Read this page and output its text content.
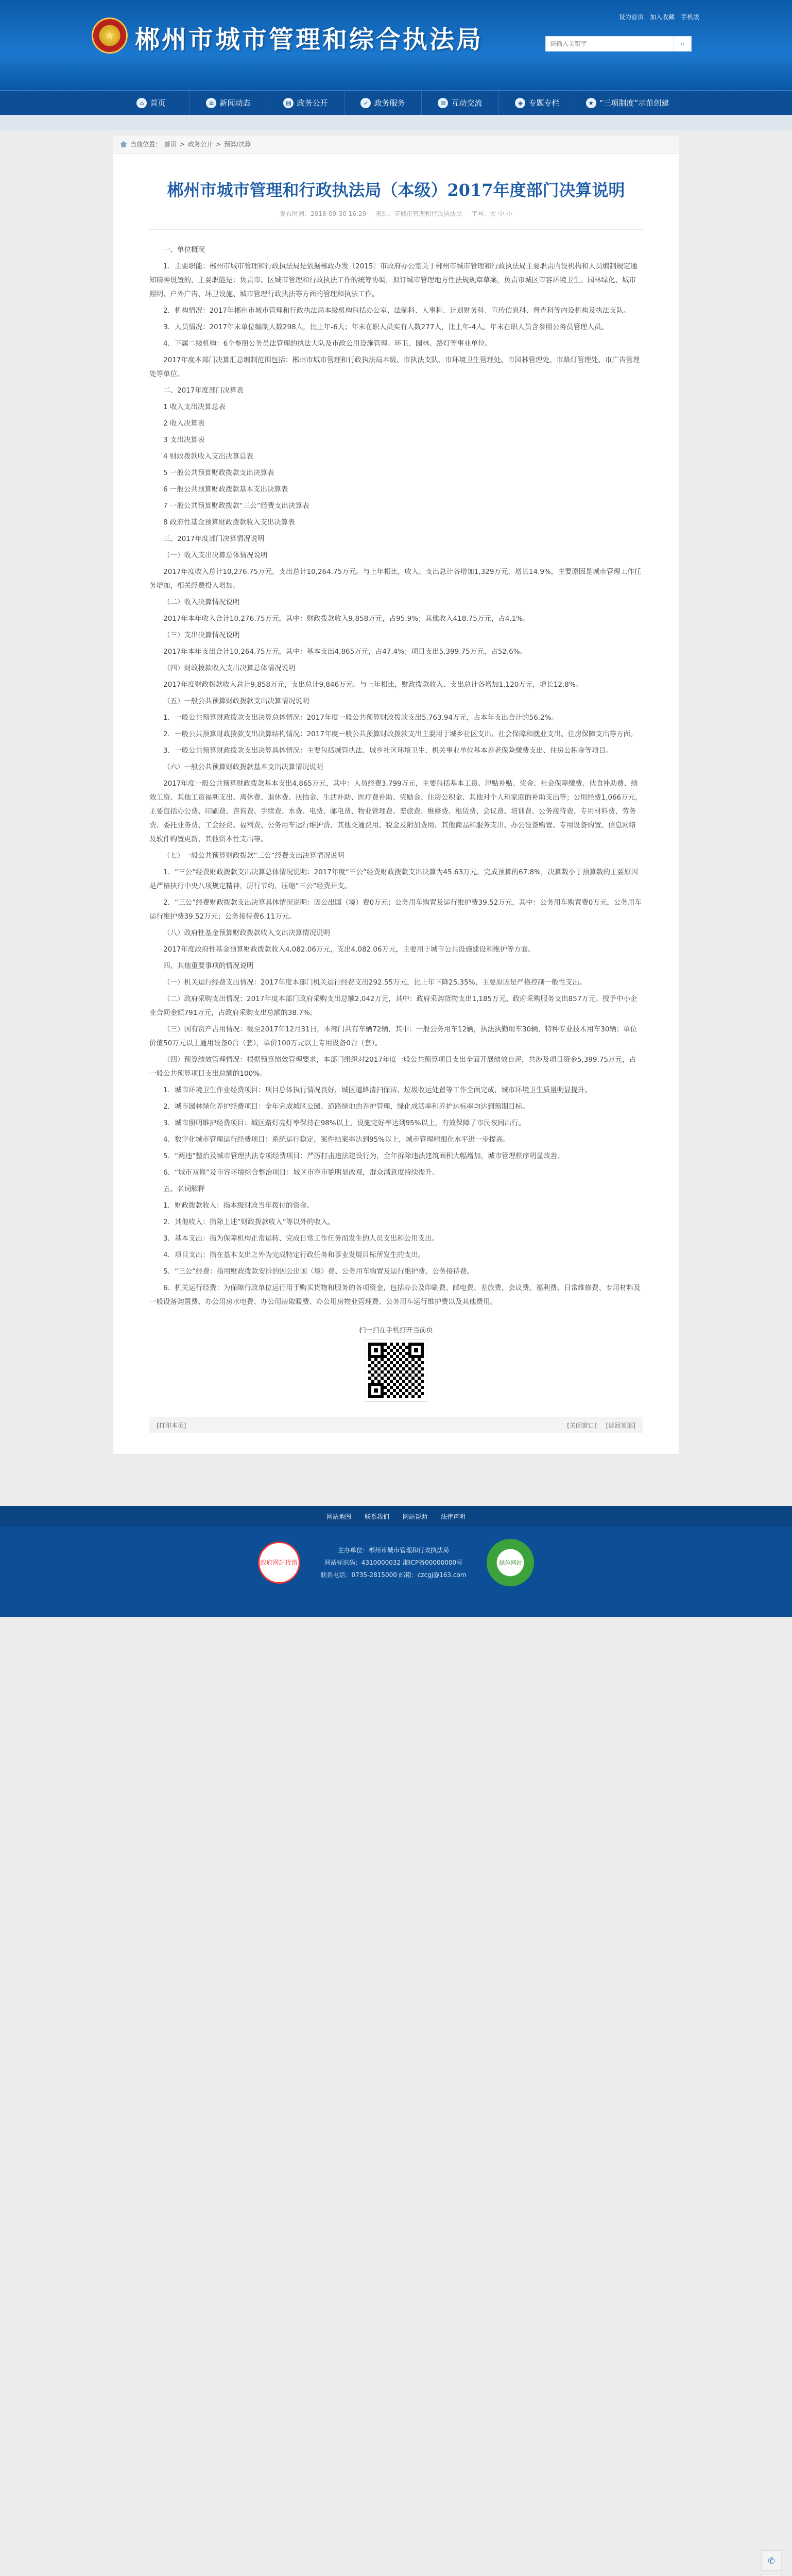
★ 郴州市城市管理和综合执法局
设为首页 加入收藏 手机版
请输入关键字
⌕
⌂ 首页	≡ 新闻动态	▤ 政务公开	✓ 政务服务	✉ 互动交流	◈ 专题专栏	★ “三项制度”示范创建
当前位置： 首页 > 政务公开 > 预算/决算
郴州市城市管理和行政执法局（本级）2017年度部门决算说明
发布时间：2018-09-30 16:29 来源：市城市管理和行政执法局 字号：大 中 小

一、单位概况

1．主要职能：郴州市城市管理和行政执法局是依据郴政办发〔2015〕市政府办公室关于郴州市城市管理和行政执法局主要职责内设机构和人员编制规定通知精神设置的，主要职能是：负责市、区城市管理和行政执法工作的统筹协调，拟订城市管理地方性法规规章草案，负责市城区市容环境卫生、园林绿化、城市照明、户外广告、环卫设施、城市管理行政执法等方面的管理和执法工作。

2．机构情况：2017年郴州市城市管理和行政执法局本级机构包括办公室、法制科、人事科、计划财务科、宣传信息科、督查科等内设机构及执法支队。

3．人员情况：2017年末单位编制人数298人，比上年-6人；年末在职人员实有人数277人，比上年-4人。年末在职人员含参照公务员管理人员。

4．下属二级机构：6个参照公务员法管理的执法大队及市政公用设施管理、环卫、园林、路灯等事业单位。

2017年度本部门决算汇总编制范围包括：郴州市城市管理和行政执法局本级、市执法支队、市环境卫生管理处、市园林管理处、市路灯管理处、市广告管理处等单位。

二、2017年度部门决算表

1 收入支出决算总表

2 收入决算表

3 支出决算表

4 财政拨款收入支出决算总表

5 一般公共预算财政拨款支出决算表

6 一般公共预算财政拨款基本支出决算表

7 一般公共预算财政拨款“三公”经费支出决算表

8 政府性基金预算财政拨款收入支出决算表

三、2017年度部门决算情况说明

（一）收入支出决算总体情况说明

2017年度收入总计10,276.75万元，支出总计10,264.75万元。与上年相比，收入、支出总计各增加1,329万元，增长14.9%，主要原因是城市管理工作任务增加，相关经费投入增加。

（二）收入决算情况说明

2017年本年收入合计10,276.75万元，其中：财政拨款收入9,858万元，占95.9%；其他收入418.75万元，占4.1%。

（三）支出决算情况说明

2017年本年支出合计10,264.75万元，其中：基本支出4,865万元，占47.4%；项目支出5,399.75万元，占52.6%。

（四）财政拨款收入支出决算总体情况说明

2017年度财政拨款收入总计9,858万元，支出总计9,846万元。与上年相比，财政拨款收入、支出总计各增加1,120万元，增长12.8%。

（五）一般公共预算财政拨款支出决算情况说明

1．一般公共预算财政拨款支出决算总体情况：2017年度一般公共预算财政拨款支出5,763.94万元，占本年支出合计的56.2%。

2．一般公共预算财政拨款支出决算结构情况：2017年度一般公共预算财政拨款支出主要用于城乡社区支出、社会保障和就业支出、住房保障支出等方面。

3．一般公共预算财政拨款支出决算具体情况：主要包括城管执法、城乡社区环境卫生、机关事业单位基本养老保险缴费支出、住房公积金等项目。

（六）一般公共预算财政拨款基本支出决算情况说明

2017年度一般公共预算财政拨款基本支出4,865万元，其中：人员经费3,799万元，主要包括基本工资、津贴补贴、奖金、社会保障缴费、伙食补助费、绩效工资、其他工资福利支出、离休费、退休费、抚恤金、生活补助、医疗费补助、奖励金、住房公积金、其他对个人和家庭的补助支出等；公用经费1,066万元，主要包括办公费、印刷费、咨询费、手续费、水费、电费、邮电费、物业管理费、差旅费、维修费、租赁费、会议费、培训费、公务接待费、专用材料费、劳务费、委托业务费、工会经费、福利费、公务用车运行维护费、其他交通费用、税金及附加费用、其他商品和服务支出、办公设备购置、专用设备购置、信息网络及软件购置更新、其他资本性支出等。

（七）一般公共预算财政拨款“三公”经费支出决算情况说明

1．“三公”经费财政拨款支出决算总体情况说明：2017年度“三公”经费财政拨款支出决算为45.63万元，完成预算的67.8%，决算数小于预算数的主要原因是严格执行中央八项规定精神，厉行节约，压缩“三公”经费开支。

2．“三公”经费财政拨款支出决算具体情况说明：因公出国（境）费0万元；公务用车购置及运行维护费39.52万元，其中：公务用车购置费0万元，公务用车运行维护费39.52万元；公务接待费6.11万元。

（八）政府性基金预算财政拨款收入支出决算情况说明

2017年度政府性基金预算财政拨款收入4,082.06万元，支出4,082.06万元，主要用于城市公共设施建设和维护等方面。

四、其他重要事项的情况说明

（一）机关运行经费支出情况：2017年度本部门机关运行经费支出292.55万元，比上年下降25.35%，主要原因是严格控制一般性支出。

（二）政府采购支出情况：2017年度本部门政府采购支出总额2,042万元，其中：政府采购货物支出1,185万元、政府采购服务支出857万元。授予中小企业合同金额791万元，占政府采购支出总额的38.7%。

（三）国有资产占用情况：截至2017年12月31日，本部门共有车辆72辆，其中：一般公务用车12辆，执法执勤用车30辆，特种专业技术用车30辆；单位价值50万元以上通用设备0台（套），单价100万元以上专用设备0台（套）。

（四）预算绩效管理情况：根据预算绩效管理要求，本部门组织对2017年度一般公共预算项目支出全面开展绩效自评，共涉及项目资金5,399.75万元，占一般公共预算项目支出总额的100%。

1．城市环境卫生作业经费项目：项目总体执行情况良好，城区道路清扫保洁、垃圾收运处置等工作全面完成，城市环境卫生质量明显提升。

2．城市园林绿化养护经费项目：全年完成城区公园、道路绿地的养护管理，绿化成活率和养护达标率均达到预期目标。

3．城市照明维护经费项目：城区路灯亮灯率保持在98%以上，设施完好率达到95%以上，有效保障了市民夜间出行。

4．数字化城市管理运行经费项目：系统运行稳定，案件结案率达到95%以上，城市管理精细化水平进一步提高。

5．“两违”整治及城市管理执法专项经费项目：严厉打击违法建设行为，全年拆除违法建筑面积大幅增加，城市管理秩序明显改善。

6．“城市双修”及市容环境综合整治项目：城区市容市貌明显改观，群众满意度持续提升。

五、名词解释

1．财政拨款收入：指本级财政当年拨付的资金。

2．其他收入：指除上述“财政拨款收入”等以外的收入。

3．基本支出：指为保障机构正常运转、完成日常工作任务而发生的人员支出和公用支出。

4．项目支出：指在基本支出之外为完成特定行政任务和事业发展目标所发生的支出。

5．“三公”经费：指用财政拨款安排的因公出国（境）费、公务用车购置及运行维护费、公务接待费。

6．机关运行经费：为保障行政单位运行用于购买货物和服务的各项资金，包括办公及印刷费、邮电费、差旅费、会议费、福利费、日常维修费、专用材料及一般设备购置费、办公用房水电费、办公用房取暖费、办公用房物业管理费、公务用车运行维护费以及其他费用。

扫一扫在手机打开当前页
[打印本页]	[关闭窗口] [返回顶部]
网站地图 联系我们 网站帮助 法律声明
政府网站找错
主办单位：郴州市城市管理和行政执法局
网站标识码：4310000032 湘ICP备00000000号
联系电话：0735-2815000 邮箱：czcgj@163.com
绿色网站
✆
